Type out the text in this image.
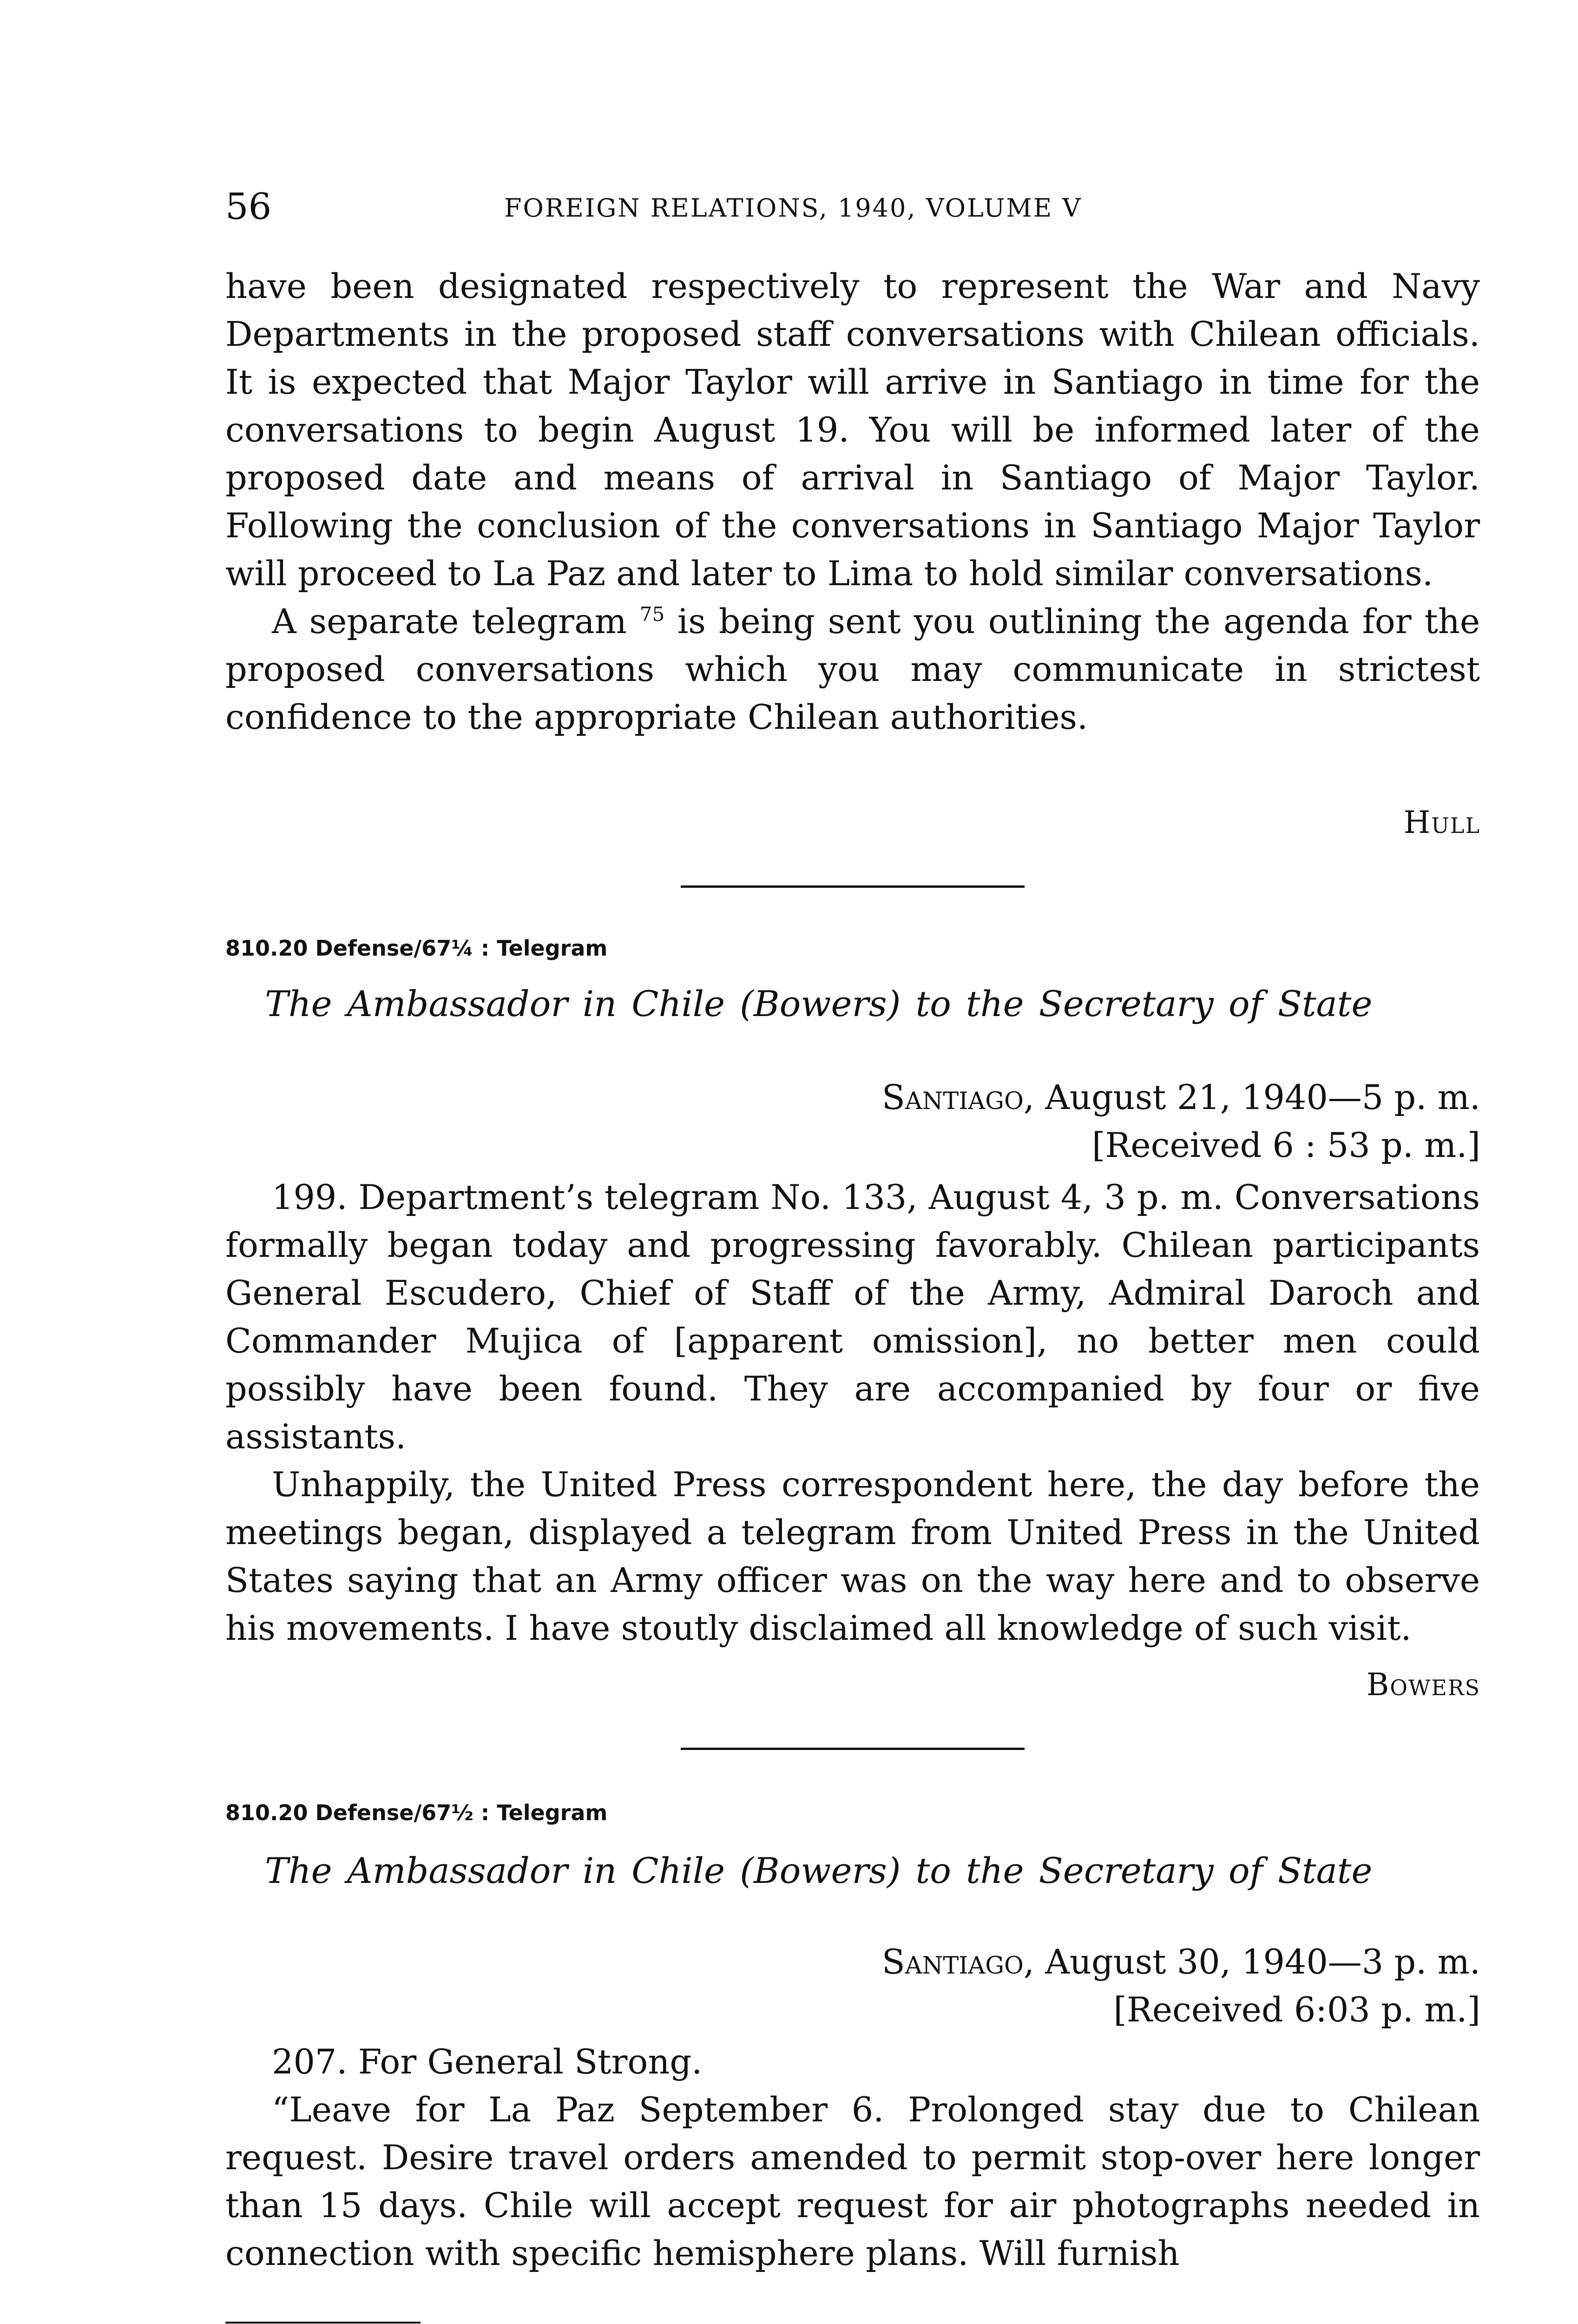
56	FOREIGN RELATIONS, 1940, VOLUME V

have been designated respectively to represent the War and Navy Departments in the proposed staff conversations with Chilean officials. It is expected that Major Taylor will arrive in Santiago in time for the conversations to begin August 19. You will be informed later of the proposed date and means of arrival in Santiago of Major Taylor. Following the conclusion of the conversations in Santiago Major Taylor will proceed to La Paz and later to Lima to hold similar conversations.

A separate telegram $^{75}$ is being sent you outlining the agenda for the proposed conversations which you may communicate in strictest confidence to the appropriate Chilean authorities.

Hull
810.20 Defense/67¼ : Telegram
The Ambassador in Chile (Bowers) to the Secretary of State
Santiago, August 21, 1940—5 p. m.
[Received 6 : 53 p. m.]

199. Department’s telegram No. 133, August 4, 3 p. m. Conversations formally began today and progressing favorably. Chilean participants General Escudero, Chief of Staff of the Army, Admiral Daroch and Commander Mujica of [apparent omission], no better men could possibly have been found. They are accompanied by four or five assistants.

Unhappily, the United Press correspondent here, the day before the meetings began, displayed a telegram from United Press in the United States saying that an Army officer was on the way here and to observe his movements. I have stoutly disclaimed all knowledge of such visit.

Bowers
810.20 Defense/67½ : Telegram
The Ambassador in Chile (Bowers) to the Secretary of State
Santiago, August 30, 1940—3 p. m.
[Received 6:03 p. m.]

207. For General Strong.

“Leave for La Paz September 6. Prolonged stay due to Chilean request. Desire travel orders amended to permit stop-over here longer than 15 days. Chile will accept request for air photographs needed in connection with specific hemisphere plans. Will furnish
